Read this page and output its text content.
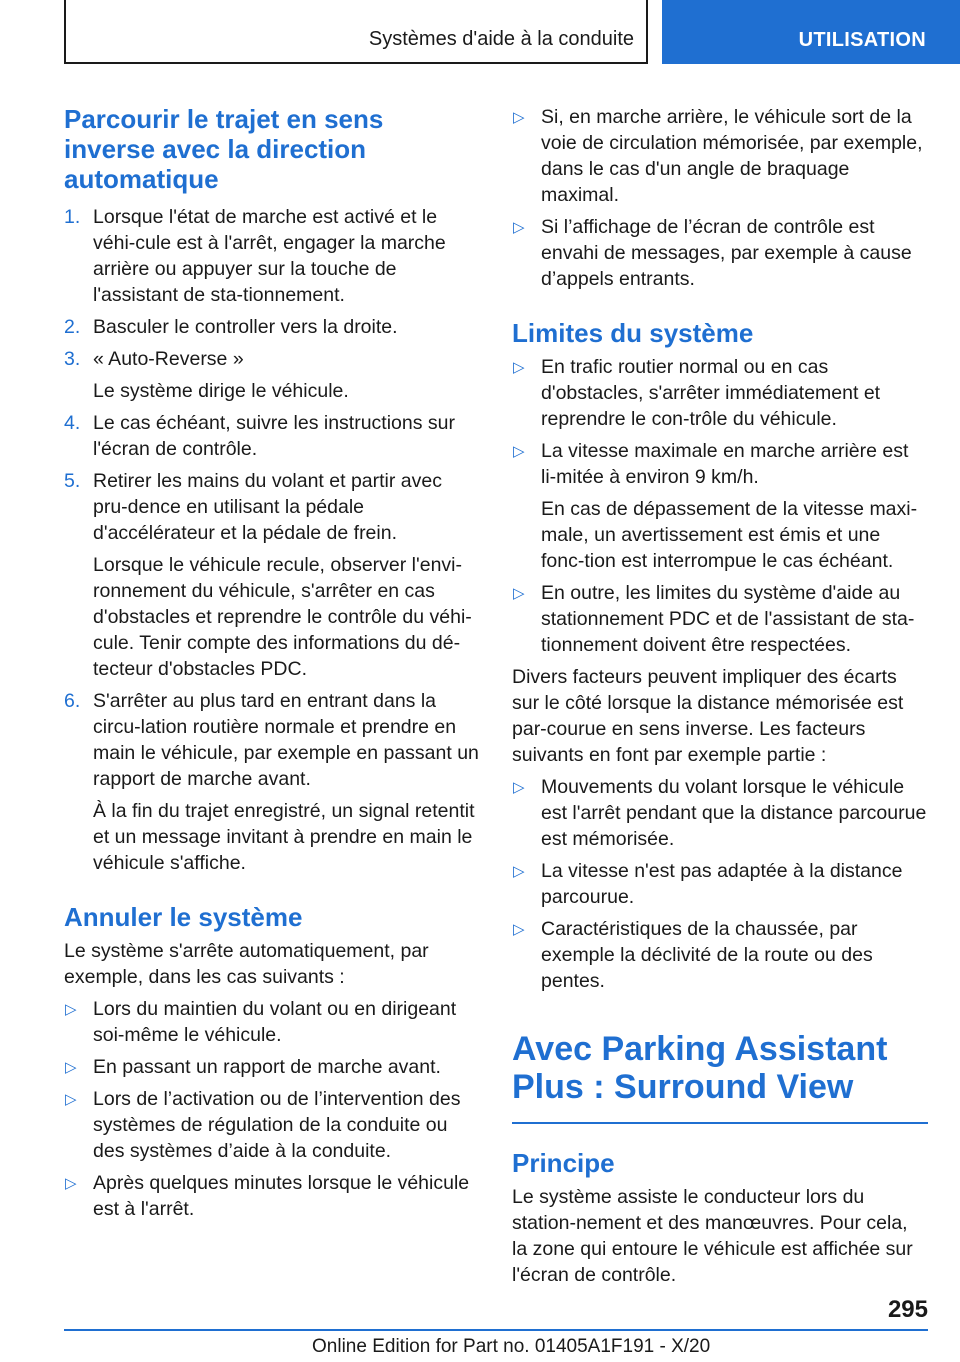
Systèmes d'aide à la conduite	UTILISATION
Parcourir le trajet en sens inverse avec la direction automatique
1. Lorsque l'état de marche est activé et le véhi-cule est à l'arrêt, engager la marche arrière ou appuyer sur la touche de l'assistant de sta-tionnement.
2. Basculer le controller vers la droite.
3. « Auto-Reverse »
Le système dirige le véhicule.
4. Le cas échéant, suivre les instructions sur l'écran de contrôle.
5. Retirer les mains du volant et partir avec pru-dence en utilisant la pédale d'accélérateur et la pédale de frein.
Lorsque le véhicule recule, observer l'envi-ronnement du véhicule, s'arrêter en cas d'obstacles et reprendre le contrôle du véhi-cule. Tenir compte des informations du dé-tecteur d'obstacles PDC.
6. S'arrêter au plus tard en entrant dans la circu-lation routière normale et prendre en main le véhicule, par exemple en passant un rapport de marche avant.
À la fin du trajet enregistré, un signal retentit et un message invitant à prendre en main le véhicule s'affiche.
Annuler le système

Le système s'arrête automatiquement, par exemple, dans les cas suivants :

▷ Lors du maintien du volant ou en dirigeant soi-même le véhicule.
▷ En passant un rapport de marche avant.
▷ Lors de l’activation ou de l’intervention des systèmes de régulation de la conduite ou des systèmes d’aide à la conduite.
▷ Après quelques minutes lorsque le véhicule est à l'arrêt.
▷ Si, en marche arrière, le véhicule sort de la voie de circulation mémorisée, par exemple, dans le cas d'un angle de braquage maximal.
▷ Si l’affichage de l’écran de contrôle est envahi de messages, par exemple à cause d’appels entrants.
Limites du système
▷ En trafic routier normal ou en cas d'obstacles, s'arrêter immédiatement et reprendre le con-trôle du véhicule.
▷ La vitesse maximale en marche arrière est li-mitée à environ 9 km/h.
En cas de dépassement de la vitesse maxi-male, un avertissement est émis et une fonc-tion est interrompue le cas échéant.
▷ En outre, les limites du système d'aide au stationnement PDC et de l'assistant de sta-tionnement doivent être respectées.

Divers facteurs peuvent impliquer des écarts sur le côté lorsque la distance mémorisée est par-courue en sens inverse. Les facteurs suivants en font par exemple partie :

▷ Mouvements du volant lorsque le véhicule est l'arrêt pendant que la distance parcourue est mémorisée.
▷ La vitesse n'est pas adaptée à la distance parcourue.
▷ Caractéristiques de la chaussée, par exemple la déclivité de la route ou des pentes.
Avec Parking Assistant Plus : Surround View
Principe

Le système assiste le conducteur lors du station-nement et des manœuvres. Pour cela, la zone qui entoure le véhicule est affichée sur l'écran de contrôle.

295
Online Edition for Part no. 01405A1F191 - X/20
